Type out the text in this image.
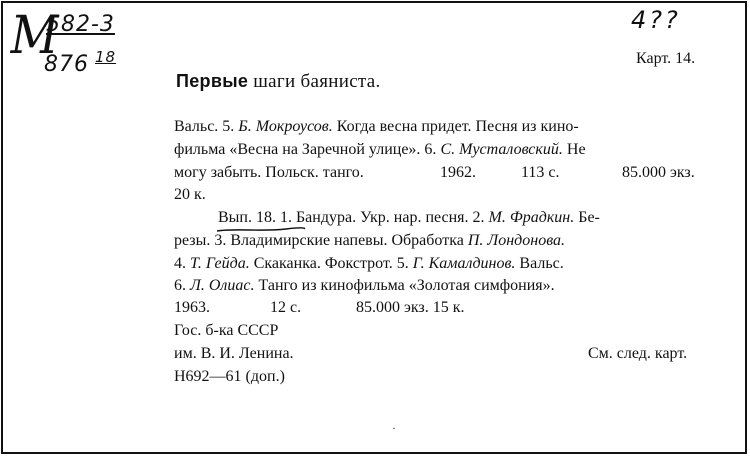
М
582-3
876 $^{18}$
4??
Карт. 14.
Первые шаги баяниста.
Вальс. 5. Б. Мокроусов. Когда весна придет. Песня из кино-
фильма «Весна на Заречной улице». 6. С. Мусталовский. Не
могу забыть. Польск. танго.	1962.	113 с.	85.000 экз.
20 к.
Вып. 18. 1. Бандура. Укр. нар. песня. 2. М. Фрадкин. Бе-
резы. 3. Владимирские напевы. Обработка П. Лондонова.
4. Т. Гейда. Скаканка. Фокстрот. 5. Г. Камалдинов. Вальс.
6. Л. Олиас. Танго из кинофильма «Золотая симфония».
1963.	12 с.	85.000 экз. 15 к.
Гос. б-ка СССР
им. В. И. Ленина.	См. след. карт.
Н692—61 (доп.)
·
